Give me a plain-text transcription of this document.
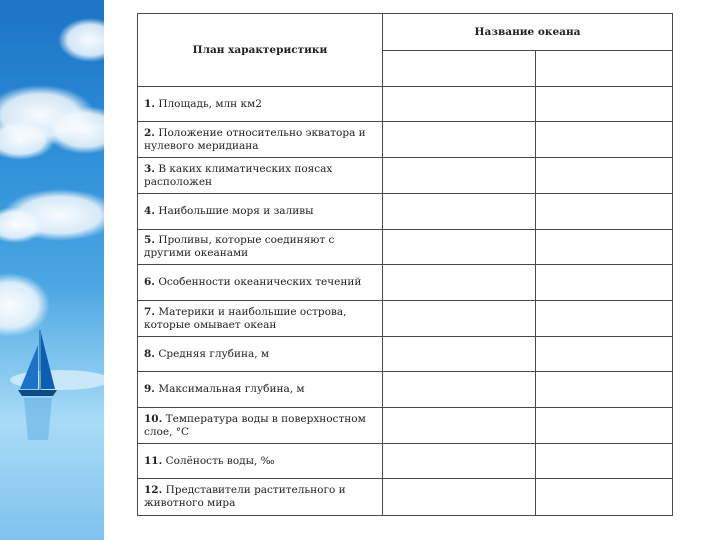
План характеристики	Название океана	

1. Площадь, млн км2		
2. Положение относительно экватора и нулевого меридиана		
3. В каких климатических поясах расположен		
4. Наибольшие моря и заливы		
5. Проливы, которые соединяют с другими океанами		
6. Особенности океанических течений		
7. Материки и наибольшие острова, которые омывает океан		
8. Средняя глубина, м		
9. Максимальная глубина, м		
10. Температура воды в поверхностном слое, °С		
11. Солёность воды, ‰		
12. Представители растительного и животного мира		
